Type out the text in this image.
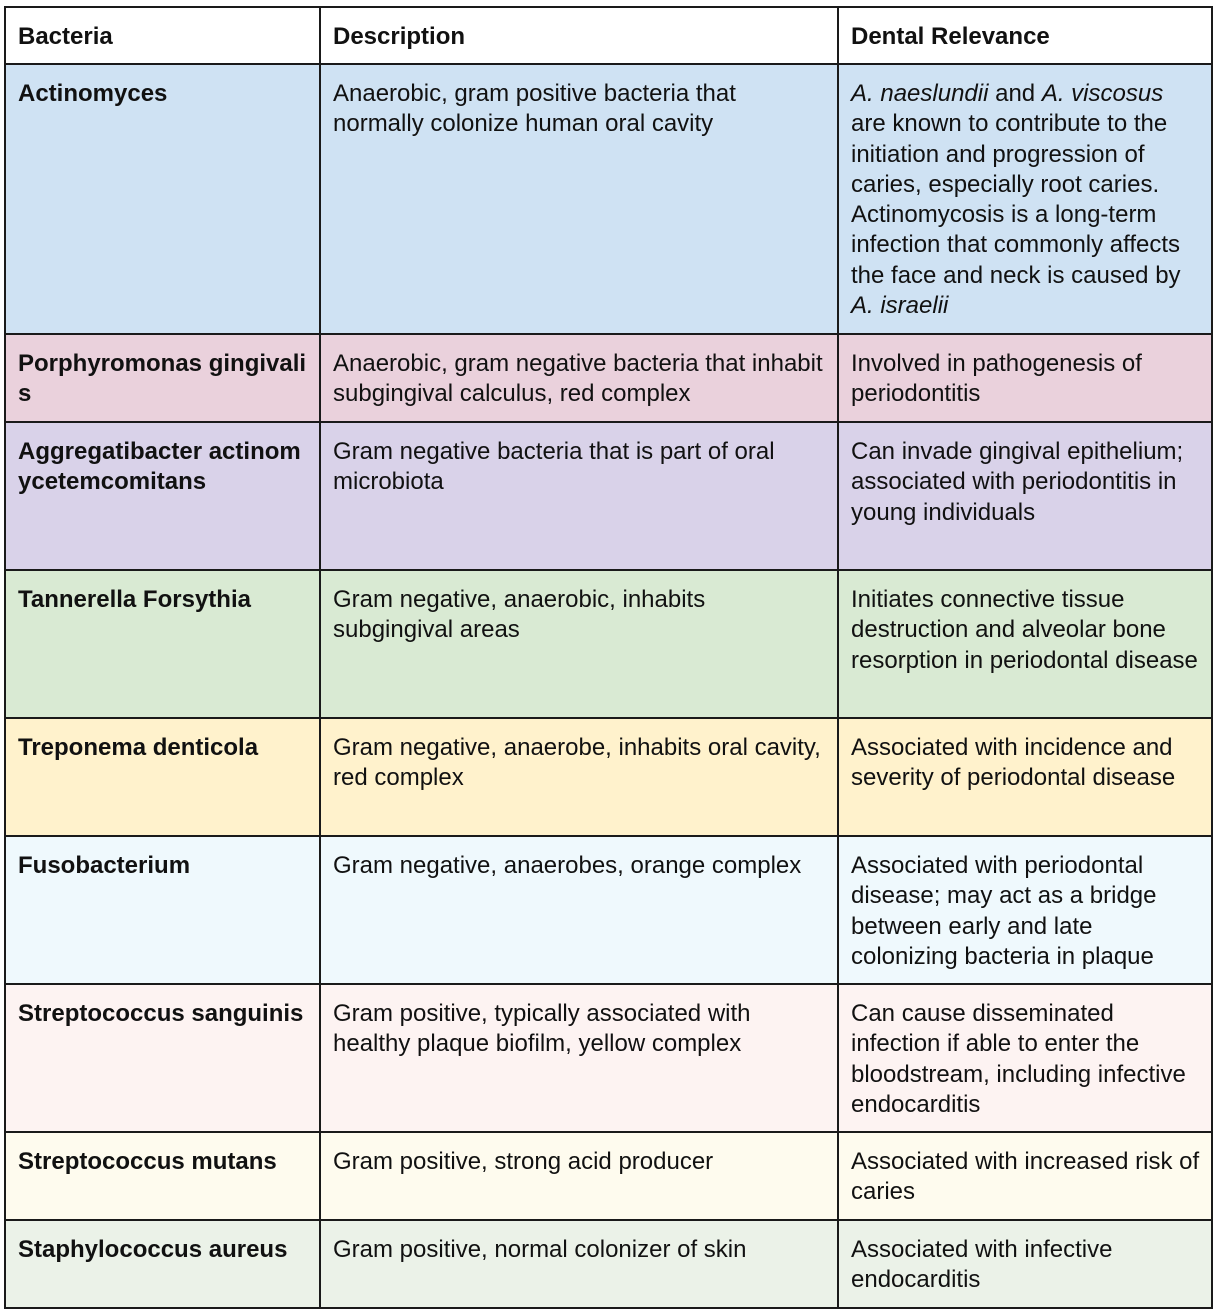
Bacteria	Description	Dental Relevance
Actinomyces	Anaerobic, gram positive bacteria that normally colonize human oral cavity	A. naeslundii and A. viscosus are known to contribute to the initiation and progression of caries, especially root caries. Actinomycosis is a long-term infection that commonly affects the face and neck is caused by A. israelii
Porphyromonas gingivalis	Anaerobic, gram negative bacteria that inhabit subgingival calculus, red complex	Involved in pathogenesis of periodontitis
Aggregatibacter actinomycetemcomitans	Gram negative bacteria that is part of oral microbiota	Can invade gingival epithelium; associated with periodontitis in young individuals
Tannerella Forsythia	Gram negative, anaerobic, inhabits subgingival areas	Initiates connective tissue destruction and alveolar bone resorption in periodontal disease
Treponema denticola	Gram negative, anaerobe, inhabits oral cavity, red complex	Associated with incidence and severity of periodontal disease
Fusobacterium	Gram negative, anaerobes, orange complex	Associated with periodontal disease; may act as a bridge between early and late colonizing bacteria in plaque
Streptococcus sanguinis	Gram positive, typically associated with healthy plaque biofilm, yellow complex	Can cause disseminated infection if able to enter the bloodstream, including infective endocarditis
Streptococcus mutans	Gram positive, strong acid producer	Associated with increased risk of caries
Staphylococcus aureus	Gram positive, normal colonizer of skin	Associated with infective endocarditis
